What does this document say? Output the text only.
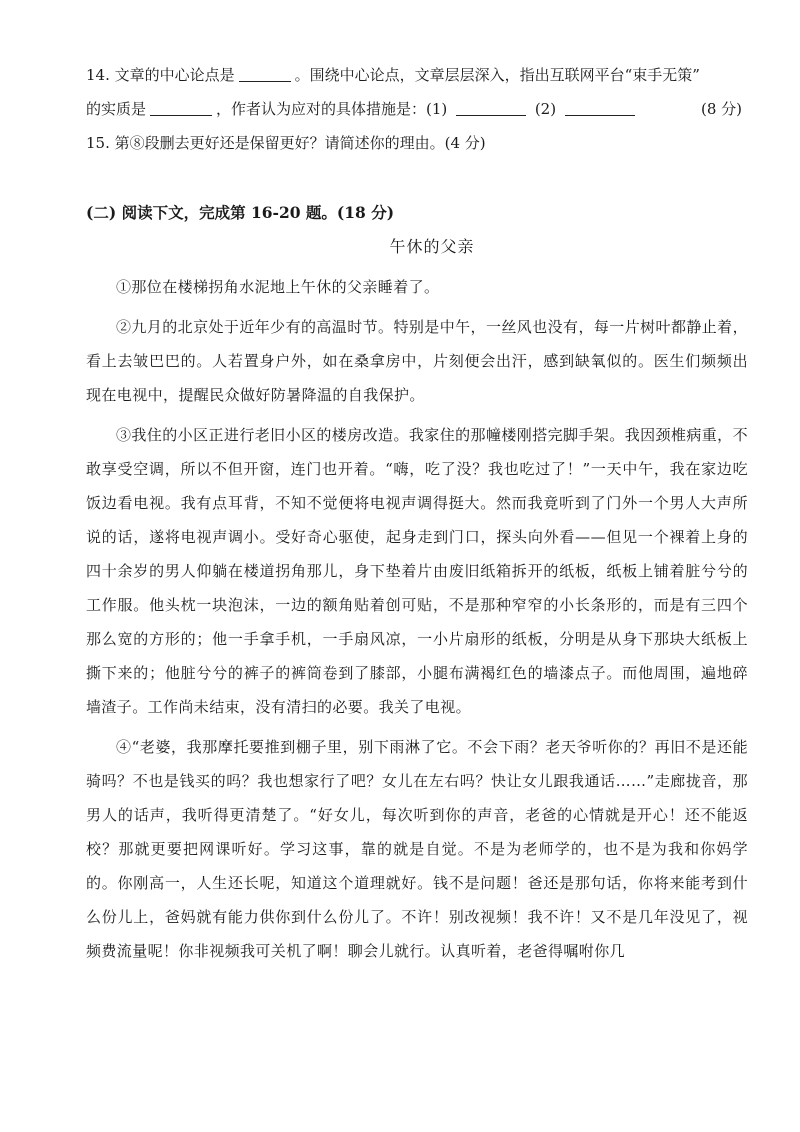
14. 文章的中心论点是	。围绕中心论点，文章层层深入，指出互联网平台“束手无策”
的实质是	，作者认为应对的具体措施是：(1)	(2)	(8 分)
15. 第⑧段删去更好还是保留更好？请简述你的理由。(4 分)
(二) 阅读下文，完成第 16-20 题。(18 分)
午休的父亲

①那位在楼梯拐角水泥地上午休的父亲睡着了。

②九月的北京处于近年少有的高温时节。特别是中午，一丝风也没有，每一片树叶都静止着，看上去皱巴巴的。人若置身户外，如在桑拿房中，片刻便会出汗，感到缺氧似的。医生们频频出现在电视中，提醒民众做好防暑降温的自我保护。

③我住的小区正进行老旧小区的楼房改造。我家住的那幢楼刚搭完脚手架。我因颈椎病重，不敢享受空调，所以不但开窗，连门也开着。“嗨，吃了没？我也吃过了！”一天中午，我在家边吃饭边看电视。我有点耳背，不知不觉便将电视声调得挺大。然而我竟听到了门外一个男人大声所说的话，遂将电视声调小。受好奇心驱使，起身走到门口，探头向外看——但见一个裸着上身的四十余岁的男人仰躺在楼道拐角那儿，身下垫着片由废旧纸箱拆开的纸板，纸板上铺着脏兮兮的工作服。他头枕一块泡沫，一边的额角贴着创可贴，不是那种窄窄的小长条形的，而是有三四个那么宽的方形的；他一手拿手机，一手扇风凉，一小片扇形的纸板，分明是从身下那块大纸板上撕下来的；他脏兮兮的裤子的裤筒卷到了膝部，小腿布满褐红色的墙漆点子。而他周围，遍地碎墙渣子。工作尚未结束，没有清扫的必要。我关了电视。

④“老婆，我那摩托要推到棚子里，别下雨淋了它。不会下雨？老天爷听你的？再旧不是还能骑吗？不也是钱买的吗？我也想家行了吧？女儿在左右吗？快让女儿跟我通话……”走廊拢音，那男人的话声，我听得更清楚了。“好女儿，每次听到你的声音，老爸的心情就是开心！还不能返校？那就更要把网课听好。学习这事，靠的就是自觉。不是为老师学的，也不是为我和你妈学的。你刚高一，人生还长呢，知道这个道理就好。钱不是问题！爸还是那句话，你将来能考到什么份儿上，爸妈就有能力供你到什么份儿了。不许！别改视频！我不许！又不是几年没见了，视频费流量呢！你非视频我可关机了啊！聊会儿就行。认真听着，老爸得嘱咐你几
